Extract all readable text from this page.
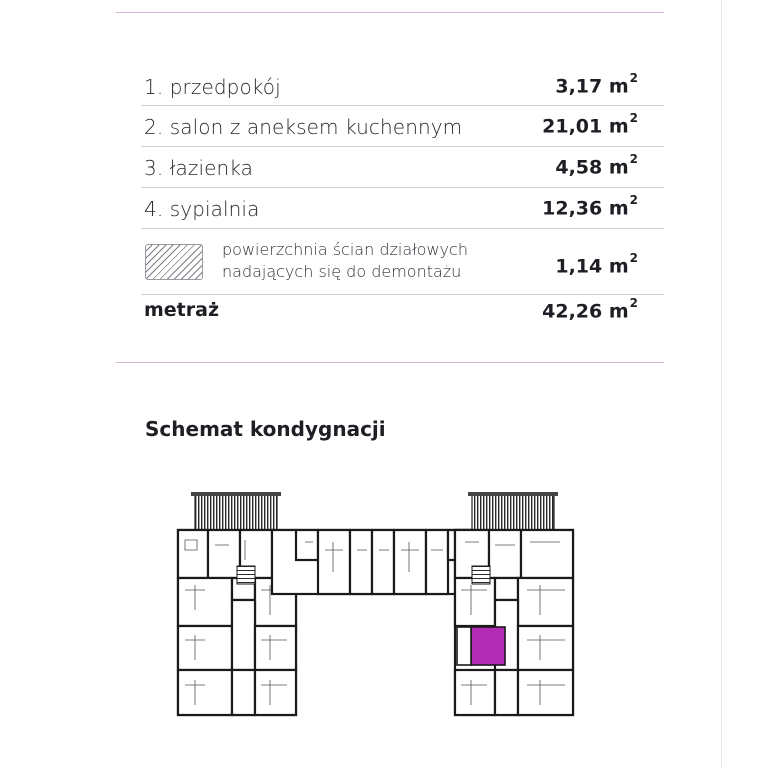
1. przedpokój	3,17 $m^2$
2. salon z aneksem kuchennym	21,01 $m^2$
3. łazienka	4,58 $m^2$
4. sypialnia	12,36 $m^2$
powierzchnia ścian działowych
nadających się do demontażu	1,14 $m^2$
metraż	42,26 $m^2$
Schemat kondygnacji
